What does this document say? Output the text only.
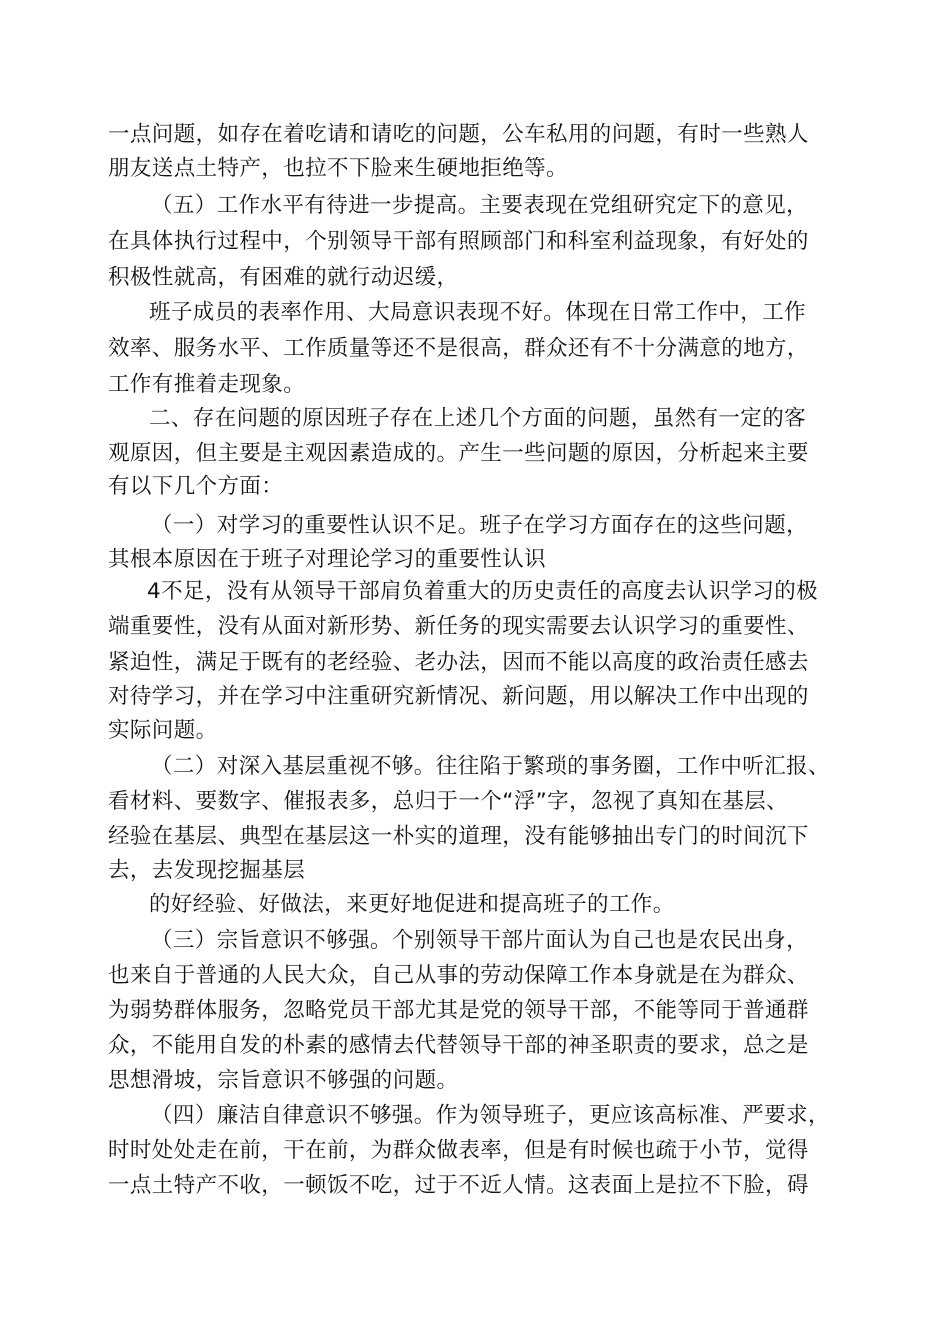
一点问题，如存在着吃请和请吃的问题，公车私用的问题，有时一些熟人
朋友送点土特产，也拉不下脸来生硬地拒绝等。
（五）工作水平有待进一步提高。主要表现在党组研究定下的意见，
在具体执行过程中，个别领导干部有照顾部门和科室利益现象，有好处的
积极性就高，有困难的就行动迟缓，
班子成员的表率作用、大局意识表现不好。体现在日常工作中，工作
效率、服务水平、工作质量等还不是很高，群众还有不十分满意的地方，
工作有推着走现象。
二、存在问题的原因班子存在上述几个方面的问题，虽然有一定的客
观原因，但主要是主观因素造成的。产生一些问题的原因，分析起来主要
有以下几个方面：
（一）对学习的重要性认识不足。班子在学习方面存在的这些问题，
其根本原因在于班子对理论学习的重要性认识
4不足，没有从领导干部肩负着重大的历史责任的高度去认识学习的极
端重要性，没有从面对新形势、新任务的现实需要去认识学习的重要性、
紧迫性，满足于既有的老经验、老办法，因而不能以高度的政治责任感去
对待学习，并在学习中注重研究新情况、新问题，用以解决工作中出现的
实际问题。
（二）对深入基层重视不够。往往陷于繁琐的事务圈，工作中听汇报、
看材料、要数字、催报表多，总归于一个“浮”字，忽视了真知在基层、
经验在基层、典型在基层这一朴实的道理，没有能够抽出专门的时间沉下
去，去发现挖掘基层
的好经验、好做法，来更好地促进和提高班子的工作。
（三）宗旨意识不够强。个别领导干部片面认为自己也是农民出身，
也来自于普通的人民大众，自己从事的劳动保障工作本身就是在为群众、
为弱势群体服务，忽略党员干部尤其是党的领导干部，不能等同于普通群
众，不能用自发的朴素的感情去代替领导干部的神圣职责的要求，总之是
思想滑坡，宗旨意识不够强的问题。
（四）廉洁自律意识不够强。作为领导班子，更应该高标准、严要求，
时时处处走在前，干在前，为群众做表率，但是有时候也疏于小节，觉得
一点土特产不收，一顿饭不吃，过于不近人情。这表面上是拉不下脸，碍
